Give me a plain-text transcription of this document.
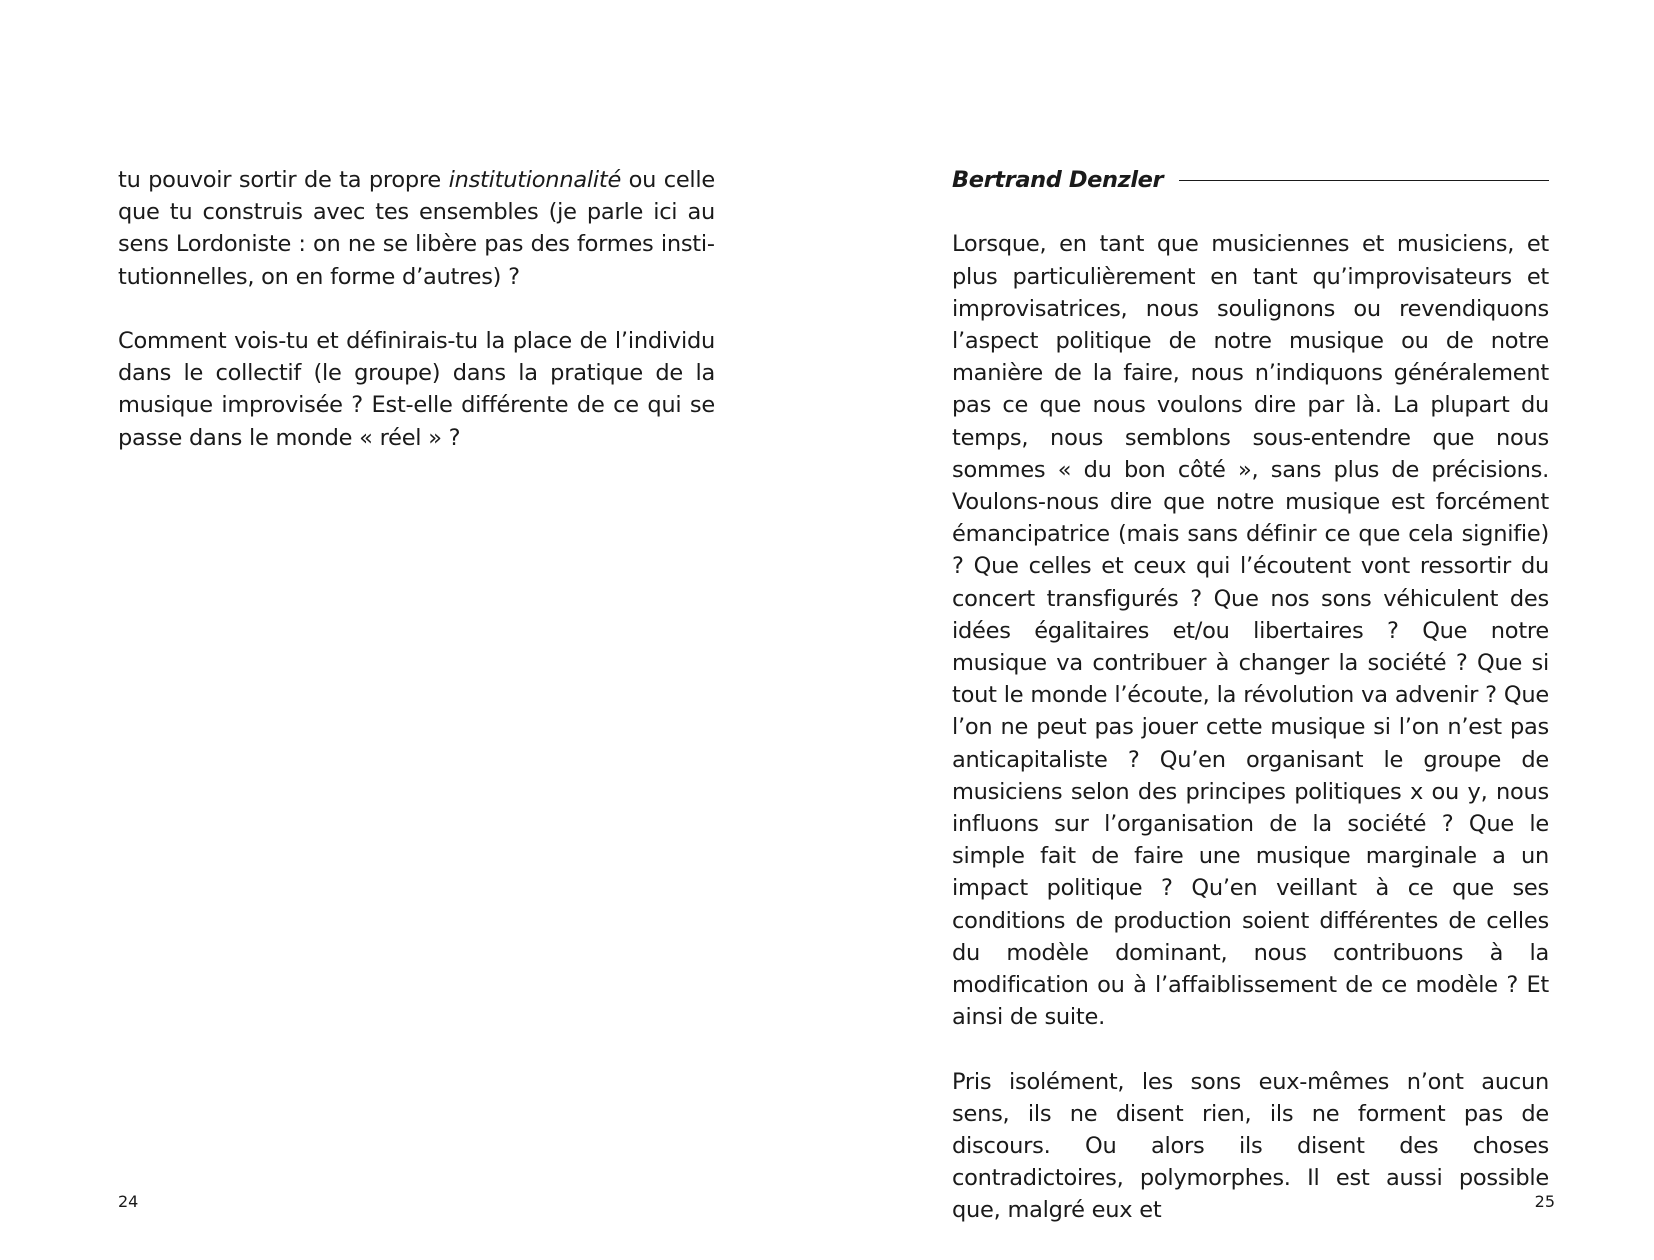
tu pouvoir sortir de ta propre institutionnalité ou celle que tu construis avec tes ensembles (je parle ici au sens Lordoniste : on ne se libère pas des formes institutionnelles, on en forme d’autres) ?

Comment vois-tu et définirais-tu la place de l’individu dans le collectif (le groupe) dans la pratique de la musique improvisée ? Est-elle différente de ce qui se passe dans le monde « réel » ?

24
Bertrand Denzler

Lorsque, en tant que musiciennes et musiciens, et plus particulièrement en tant qu’improvisateurs et improvisatrices, nous soulignons ou revendiquons l’aspect politique de notre musique ou de notre manière de la faire, nous n’indiquons généralement pas ce que nous voulons dire par là. La plupart du temps, nous semblons sous-entendre que nous sommes « du bon côté », sans plus de précisions. Voulons-nous dire que notre musique est forcément émancipatrice (mais sans définir ce que cela signifie) ? Que celles et ceux qui l’écoutent vont ressortir du concert transfigurés ? Que nos sons véhiculent des idées égalitaires et/ou libertaires ? Que notre musique va contribuer à changer la société ? Que si tout le monde l’écoute, la révolution va advenir ? Que l’on ne peut pas jouer cette musique si l’on n’est pas anticapitaliste ? Qu’en organisant le groupe de musiciens selon des principes politiques x ou y, nous influons sur l’organisation de la société ? Que le simple fait de faire une musique marginale a un impact politique ? Qu’en veillant à ce que ses conditions de production soient différentes de celles du modèle dominant, nous contribuons à la modification ou à l’affaiblissement de ce modèle ? Et ainsi de suite.

Pris isolément, les sons eux-mêmes n’ont aucun sens, ils ne disent rien, ils ne forment pas de discours. Ou alors ils disent des choses contradictoires, polymorphes. Il est aussi possible que, malgré eux et	25
